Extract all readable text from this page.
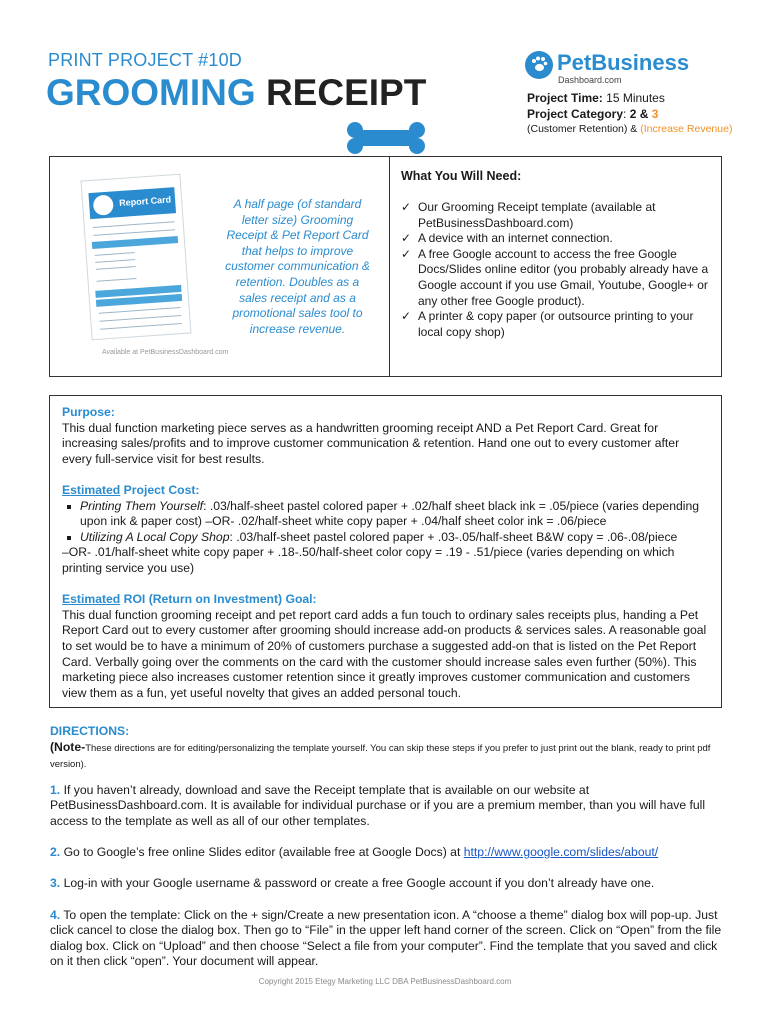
PRINT PROJECT #10D
GROOMING RECEIPT
PetBusiness
Dashboard.com
Project Time: 15 Minutes
Project Category: 2 & 3
(Customer Retention) & (Increase Revenue)
Report Card
Available at PetBusinessDashboard.com
A half page (of standard letter size) Grooming Receipt & Pet Report Card that helps to improve customer communication & retention. Doubles as a sales receipt and as a promotional sales tool to increase revenue.
What You Will Need:
✓ Our Grooming Receipt template (available at PetBusinessDashboard.com)
✓ A device with an internet connection.
✓ A free Google account to access the free Google Docs/Slides online editor (you probably already have a Google account if you use Gmail, Youtube, Google+ or any other free Google product).
✓ A printer & copy paper (or outsource printing to your local copy shop)
Purpose:
This dual function marketing piece serves as a handwritten grooming receipt AND a Pet Report Card. Great for increasing sales/profits and to improve customer communication & retention. Hand one out to every customer after every full-service visit for best results.
Estimated Project Cost:
Printing Them Yourself: .03/half-sheet pastel colored paper + .02/half sheet black ink = .05/piece (varies depending upon ink & paper cost) –OR- .02/half-sheet white copy paper + .04/half sheet color ink = .06/piece
Utilizing A Local Copy Shop: .03/half-sheet pastel colored paper + .03-.05/half-sheet B&W copy = .06-.08/piece
–OR- .01/half-sheet white copy paper + .18-.50/half-sheet color copy = .19 - .51/piece (varies depending on which printing service you use)
Estimated ROI (Return on Investment) Goal:
This dual function grooming receipt and pet report card adds a fun touch to ordinary sales receipts plus, handing a Pet Report Card out to every customer after grooming should increase add-on products & services sales. A reasonable goal to set would be to have a minimum of 20% of customers purchase a suggested add-on that is listed on the Pet Report Card. Verbally going over the comments on the card with the customer should increase sales even further (50%). This marketing piece also increases customer retention since it greatly improves customer communication and customers view them as a fun, yet useful novelty that gives an added personal touch.
DIRECTIONS:
(Note-These directions are for editing/personalizing the template yourself. You can skip these steps if you prefer to just print out the blank, ready to print pdf version).

1. If you haven’t already, download and save the Receipt template that is available on our website at PetBusinessDashboard.com. It is available for individual purchase or if you are a premium member, than you will have full access to the template as well as all of our other templates.

2. Go to Google’s free online Slides editor (available free at Google Docs) at http://www.google.com/slides/about/

3. Log-in with your Google username & password or create a free Google account if you don’t already have one.

4. To open the template: Click on the + sign/Create a new presentation icon. A “choose a theme” dialog box will pop-up. Just click cancel to close the dialog box. Then go to “File” in the upper left hand corner of the screen. Click on “Open” from the file dialog box. Click on “Upload” and then choose “Select a file from your computer”. Find the template that you saved and click on it then click “open”. Your document will appear.

Copyright 2015 Etegy Marketing LLC DBA PetBusinessDashboard.com
